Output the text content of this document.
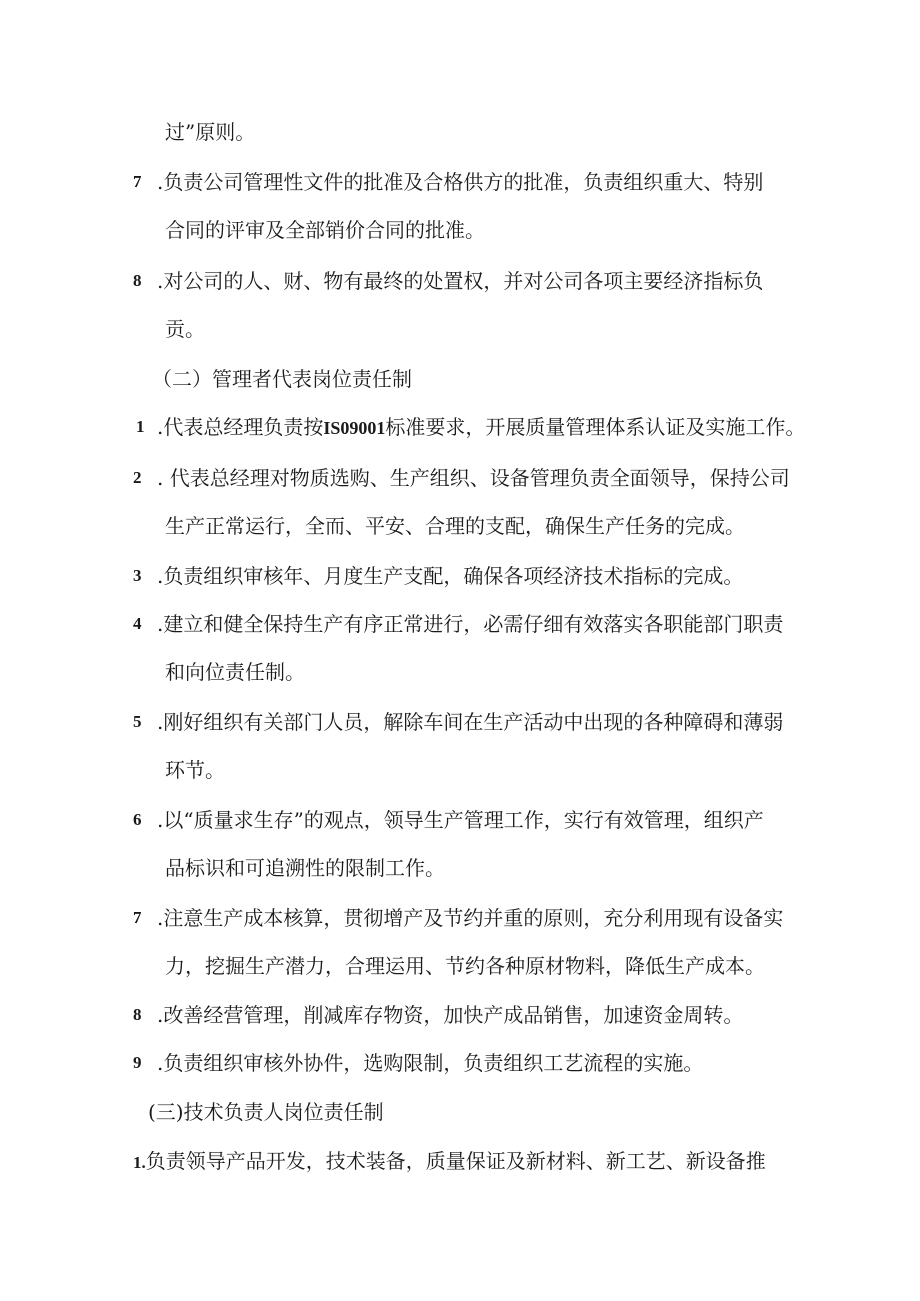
过”原则。
7 .负责公司管理性文件的批准及合格供方的批准，负责组织重大、特别
合同的评审及全部销价合同的批准。
8 .对公司的人、财、物有最终的处置权，并对公司各项主要经济指标负
贡。
（二）管理者代表岗位责任制
1 .代表总经理负责按IS09001标准要求，开展质量管理体系认证及实施工作。
2 . 代表总经理对物质选购、生产组织、设备管理负责全面领导，保持公司
生产正常运行，全而、平安、合理的支配，确保生产任务的完成。
3 .负责组织审核年、月度生产支配，确保各项经济技术指标的完成。
4 .建立和健全保持生产有序正常进行，必需仔细有效落实各职能部门职责
和向位责任制。
5 .刚好组织有关部门人员，解除车间在生产活动中出现的各种障碍和薄弱
环节。
6 .以“质量求生存”的观点，领导生产管理工作，实行有效管理，组织产
品标识和可追溯性的限制工作。
7 .注意生产成本核算，贯彻增产及节约并重的原则，充分利用现有设备实
力，挖掘生产潜力，合理运用、节约各种原材物料，降低生产成本。
8 .改善经营管理，削减库存物资，加快产成品销售，加速资金周转。
9 .负责组织审核外协件，选购限制，负责组织工艺流程的实施。
(三)技术负责人岗位责任制
1.负责领导产品开发，技术装备，质量保证及新材料、新工艺、新设备推
